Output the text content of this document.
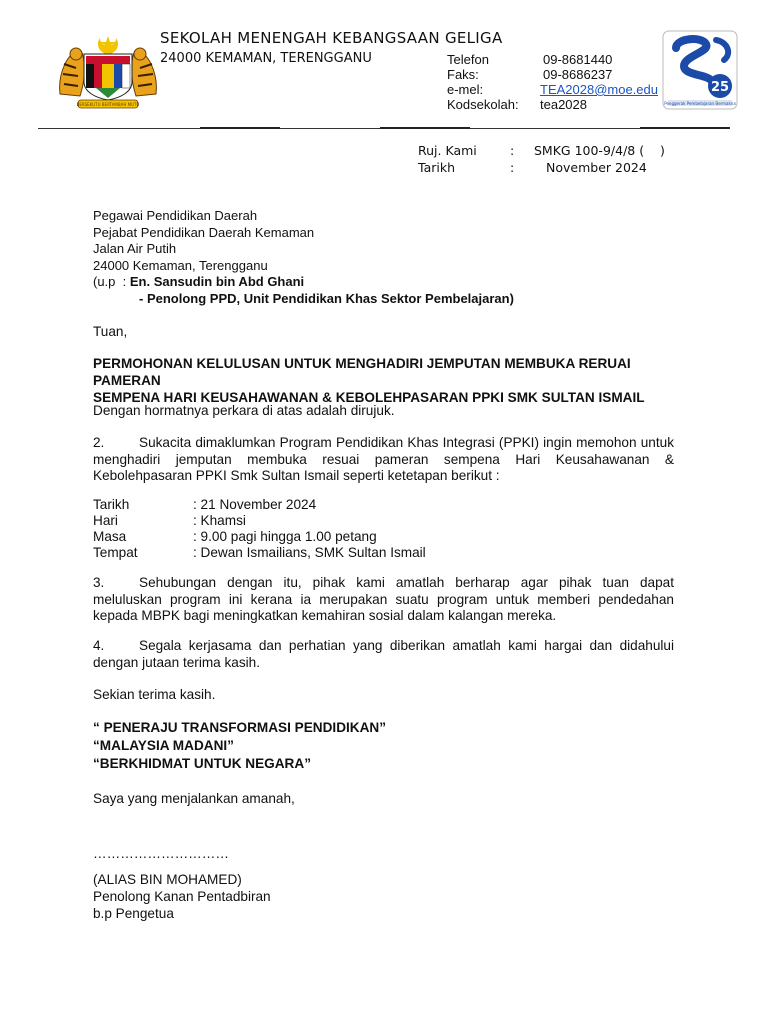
BERSEKUTU BERTAMBAH MUTU
SEKOLAH MENENGAH KEBANGSAAN GELIGA
24000 KEMAMAN, TERENGGANU	Telefon	09-8681440
Faks:	09-8686237
e-mel:	TEA2028@moe.edu
Kodsekolah: tea2028
25
Penggerak Pembelajaran Bermakna
Ruj. Kami	: SMKG 100-9/4/8 (    )
Tarikh	:	November 2024
Pegawai Pendidikan Daerah
Pejabat Pendidikan Daerah Kemaman
Jalan Air Putih
24000 Kemaman, Terengganu
(u.p  : En. Sansudin bin Abd Ghani
- Penolong PPD, Unit Pendidikan Khas Sektor Pembelajaran)
Tuan,
PERMOHONAN KELULUSAN UNTUK MENGHADIRI JEMPUTAN MEMBUKA RERUAI PAMERAN
SEMPENA HARI KEUSAHAWANAN & KEBOLEHPASARAN PPKI SMK SULTAN ISMAIL
Dengan hormatnya perkara di atas adalah dirujuk.
2.	Sukacita dimaklumkan Program Pendidikan Khas Integrasi (PPKI) ingin memohon untuk menghadiri jemputan membuka resuai pameran sempena Hari Keusahawanan & Kebolehpasaran PPKI Smk Sultan Ismail seperti ketetapan berikut :
Tarikh	: 21 November 2024
Hari	: Khamsi
Masa	: 9.00 pagi hingga 1.00 petang
Tempat	: Dewan Ismailians, SMK Sultan Ismail
3.	Sehubungan dengan itu, pihak kami amatlah berharap agar pihak tuan dapat meluluskan program ini kerana ia merupakan suatu program untuk memberi pendedahan kepada MBPK bagi meningkatkan kemahiran sosial dalam kalangan mereka.
4.	Segala kerjasama dan perhatian yang diberikan amatlah kami hargai dan didahului dengan jutaan terima kasih.
Sekian terima kasih.
“ PENERAJU TRANSFORMASI PENDIDIKAN”
“MALAYSIA MADANI”
“BERKHIDMAT UNTUK NEGARA”
Saya yang menjalankan amanah,
…………………………
(ALIAS BIN MOHAMED)
Penolong Kanan Pentadbiran
b.p Pengetua
